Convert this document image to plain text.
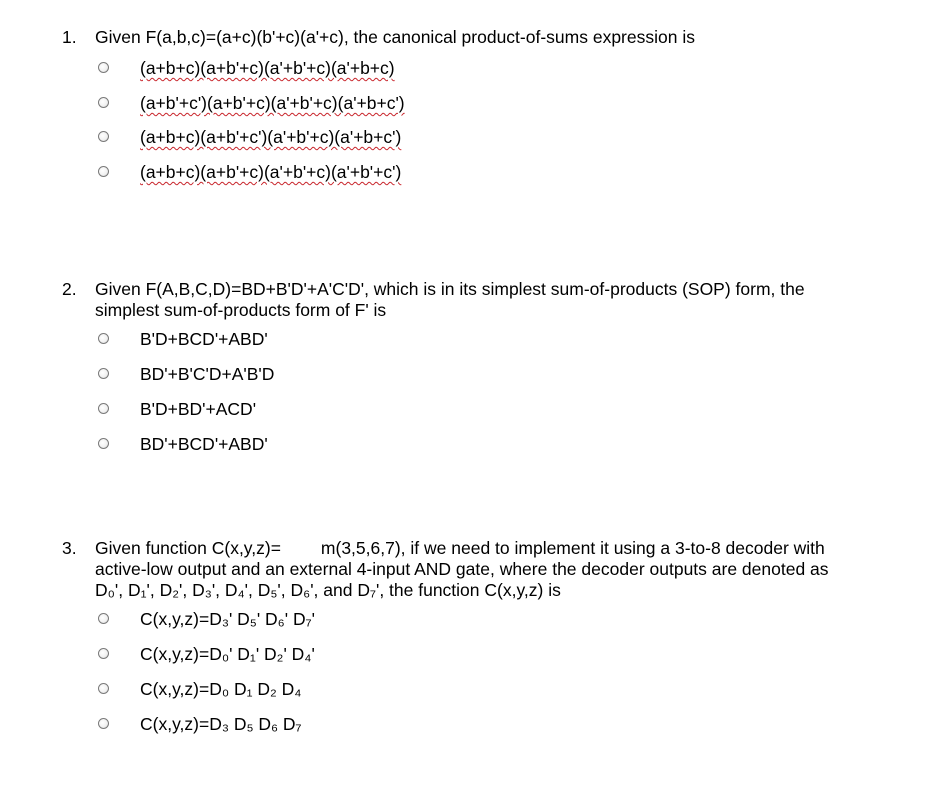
1. Given F(a,b,c)=(a+c)(b'+c)(a'+c), the canonical product-of-sums expression is
(a+b+c)(a+b'+c)(a'+b'+c)(a'+b+c)
(a+b'+c')(a+b'+c)(a'+b'+c)(a'+b+c')
(a+b+c)(a+b'+c')(a'+b'+c)(a'+b+c')
(a+b+c)(a+b'+c)(a'+b'+c)(a'+b'+c')
2. Given F(A,B,C,D)=BD+B'D'+A'C'D', which is in its simplest sum-of-products (SOP) form, the
simplest sum-of-products form of F' is
B'D+BCD'+ABD'
BD'+B'C'D+A'B'D
B'D+BD'+ACD'
BD'+BCD'+ABD'
3. Given function C(x,y,z)= m(3,5,6,7), if we need to implement it using a 3-to-8 decoder with
active-low output and an external 4-input AND gate, where the decoder outputs are denoted as
D₀', D₁', D₂', D₃', D₄', D₅', D₆', and D₇', the function C(x,y,z) is
C(x,y,z)=D₃' D₅' D₆' D₇'
C(x,y,z)=D₀' D₁' D₂' D₄'
C(x,y,z)=D₀ D₁ D₂ D₄
C(x,y,z)=D₃ D₅ D₆ D₇
